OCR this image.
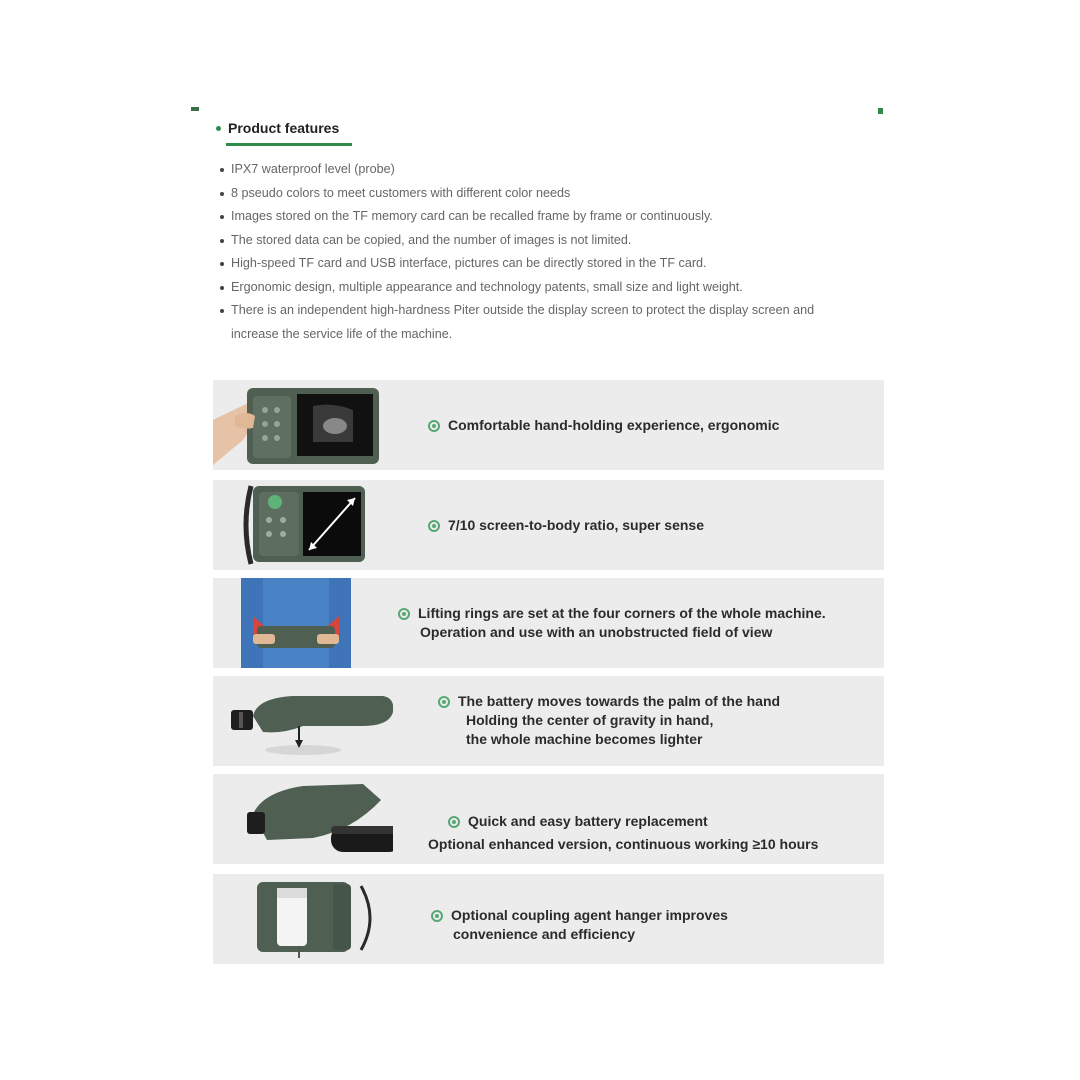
Product features
IPX7 waterproof level (probe)
8 pseudo colors to meet customers with different color needs
Images stored on the TF memory card can be recalled frame by frame or continuously.
The stored data can be copied, and the number of images is not limited.
High-speed TF card and USB interface, pictures can be directly stored in the TF card.
Ergonomic design, multiple appearance and technology patents, small size and light weight.
There is an independent high-hardness Piter outside the display screen to protect the display screen and increase the service life of the machine.
Comfortable hand-holding experience, ergonomic
7/10 screen-to-body ratio, super sense
Lifting rings are set at the four corners of the whole machine.
Operation and use with an unobstructed field of view
The battery moves towards the palm of the hand
Holding the center of gravity in hand,
the whole machine becomes lighter
Quick and easy battery replacement
Optional enhanced version, continuous working ≥10 hours
Optional coupling agent hanger improves
convenience and efficiency
